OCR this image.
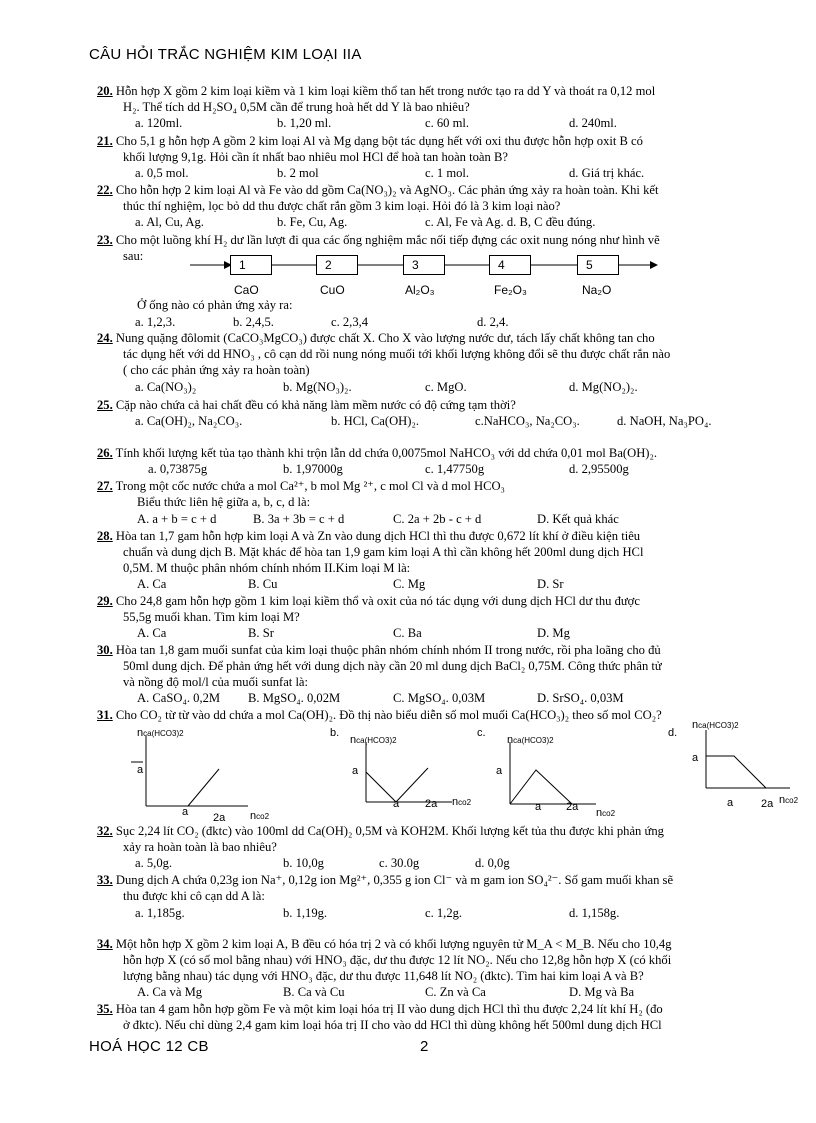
CÂU HỎI TRẮC NGHIỆM KIM LOẠI IIA
20. Hỗn hợp X gồm 2 kim loại kiềm và 1 kim loại kiềm thổ tan hết trong nước tạo ra dd Y và thoát ra 0,12 mol
H₂. Thể tích dd H₂SO₄ 0,5M cần để trung hoà hết dd Y là bao nhiêu?
a. 120ml.	b. 1,20 ml.	c. 60 ml.	d. 240ml.
21. Cho 5,1 g hỗn hợp A gồm 2 kim loại Al và Mg dạng bột tác dụng hết với oxi thu được hỗn hợp oxit B có
khối lượng 9,1g. Hỏi cần ít nhất bao nhiêu mol HCl để hoà tan hoàn toàn B?
a. 0,5 mol.	b. 2 mol	c. 1 mol.	d. Giá trị khác.
22. Cho hỗn hợp 2 kim loại Al và Fe vào dd gồm Ca(NO₃)₂ và AgNO₃. Các phản ứng xảy ra hoàn toàn. Khi kết
thúc thí nghiệm, lọc bỏ dd thu được chất rắn gồm 3 kim loại. Hỏi đó là 3 kim loại nào?
a. Al, Cu, Ag.	b. Fe, Cu, Ag.	c. Al, Fe và Ag. d. B, C đều đúng.
23. Cho một luồng khí H₂ dư lần lượt đi qua các ống nghiệm mắc nối tiếp đựng các oxit nung nóng như hình vẽ
sau:
1	2	3	4	5
CaO	CuO	Al₂O₃	Fe₂O₃	Na₂O
Ở ống nào có phản ứng xảy ra:
a. 1,2,3.	b. 2,4,5.	c. 2,3,4	d. 2,4.
24. Nung quặng đôlomit (CaCO₃MgCO₃) được chất X. Cho X vào lượng nước dư, tách lấy chất không tan cho
tác dụng hết với dd HNO₃ , cô cạn dd rồi nung nóng muối tới khối lượng không đổi sẽ thu được chất rắn nào
( cho các phản ứng xảy ra hoàn toàn)
a. Ca(NO₃)₂	b. Mg(NO₃)₂.	c. MgO.	d. Mg(NO₂)₂.
25. Cặp nào chứa cả hai chất đều có khả năng làm mềm nước có độ cứng tạm thời?
a. Ca(OH)₂, Na₂CO₃.	b. HCl, Ca(OH)₂.	c.NaHCO₃, Na₂CO₃.	d. NaOH, Na₃PO₄.
26. Tính khối lượng kết tủa tạo thành khi trộn lẫn dd chứa 0,0075mol NaHCO₃ với dd chứa 0,01 mol Ba(OH)₂.
a. 0,73875g	b. 1,97000g	c. 1,47750g	d. 2,95500g
27. Trong một cốc nước chứa a mol Ca²⁺, b mol Mg ²⁺, c mol Cl và d mol HCO₃
Biểu thức liên hệ giữa a, b, c, d là:
A. a + b = c + d	B. 3a + 3b = c + d	C. 2a + 2b - c + d	D. Kết quả khác
28. Hòa tan 1,7 gam hỗn hợp kim loại A và Zn vào dung dịch HCl thì thu được 0,672 lít khí ở điều kiện tiêu
chuẩn và dung dịch B. Mặt khác để hòa tan 1,9 gam kim loại A thì cần không hết 200ml dung dịch HCl
0,5M. M thuộc phân nhóm chính nhóm II.Kim loại M là:
A. Ca	B. Cu	C. Mg	D. Sr
29. Cho 24,8 gam hỗn hợp gồm 1 kim loại kiềm thổ và oxit của nó tác dụng với dung dịch HCl dư thu được
55,5g muối khan. Tìm kim loại M?
A. Ca	B. Sr	C. Ba	D. Mg
30. Hòa tan 1,8 gam muối sunfat của kim loại thuộc phân nhóm chính nhóm II trong nước, rồi pha loãng cho đủ
50ml dung dịch. Để phản ứng hết với dung dịch này cần 20 ml dung dịch BaCl₂ 0,75M. Công thức phân tử
và nồng độ mol/l của muối sunfat là:
A. CaSO₄. 0,2M B. MgSO₄. 0,02M	C. MgSO₄. 0,03M	D. SrSO₄. 0,03M
31. Cho CO₂ từ từ vào dd chứa a mol Ca(OH)₂. Đồ thị nào biểu diễn số mol muối Ca(HCO₃)₂ theo số mol CO₂?
nca(HCO3)2
a
a 2a nco2
b.
nca(HCO3)2
a
a 2a nco2
c.
nca(HCO3)2
a
a 2a nco2
d.
nca(HCO3)2
a
a	2a nco2
32. Sục 2,24 lít CO₂ (đktc) vào 100ml dd Ca(OH)₂ 0,5M và KOH2M. Khối lượng kết tủa thu được khi phản ứng
xảy ra hoàn toàn là bao nhiêu?
a. 5,0g.	b. 10,0g	c. 30.0g	d. 0,0g
33. Dung dịch A chứa 0,23g ion Na⁺, 0,12g ion Mg²⁺, 0,355 g ion Cl⁻ và m gam ion SO₄²⁻. Số gam muối khan sẽ
thu được khi cô cạn dd A là:
a. 1,185g.	b. 1,19g.	c. 1,2g.	d. 1,158g.
34. Một hỗn hợp X gồm 2 kim loại A, B đều có hóa trị 2 và có khối lượng nguyên tử M_A < M_B. Nếu cho 10,4g
hỗn hợp X (có số mol bằng nhau) với HNO₃ đặc, dư thu được 12 lít NO₂. Nếu cho 12,8g hỗn hợp X (có khối
lượng bằng nhau) tác dụng với HNO₃ đặc, dư thu được 11,648 lít NO₂ (đktc). Tìm hai kim loại A và B?
A. Ca và Mg	B. Ca và Cu	C. Zn và Ca	D. Mg và Ba
35. Hòa tan 4 gam hỗn hợp gồm Fe và một kim loại hóa trị II vào dung dịch HCl thì thu được 2,24 lít khí H₂ (đo
ở đktc). Nếu chỉ dùng 2,4 gam kim loại hóa trị II cho vào dd HCl thì dùng không hết 500ml dung dịch HCl
HOÁ HỌC 12 CB	2
